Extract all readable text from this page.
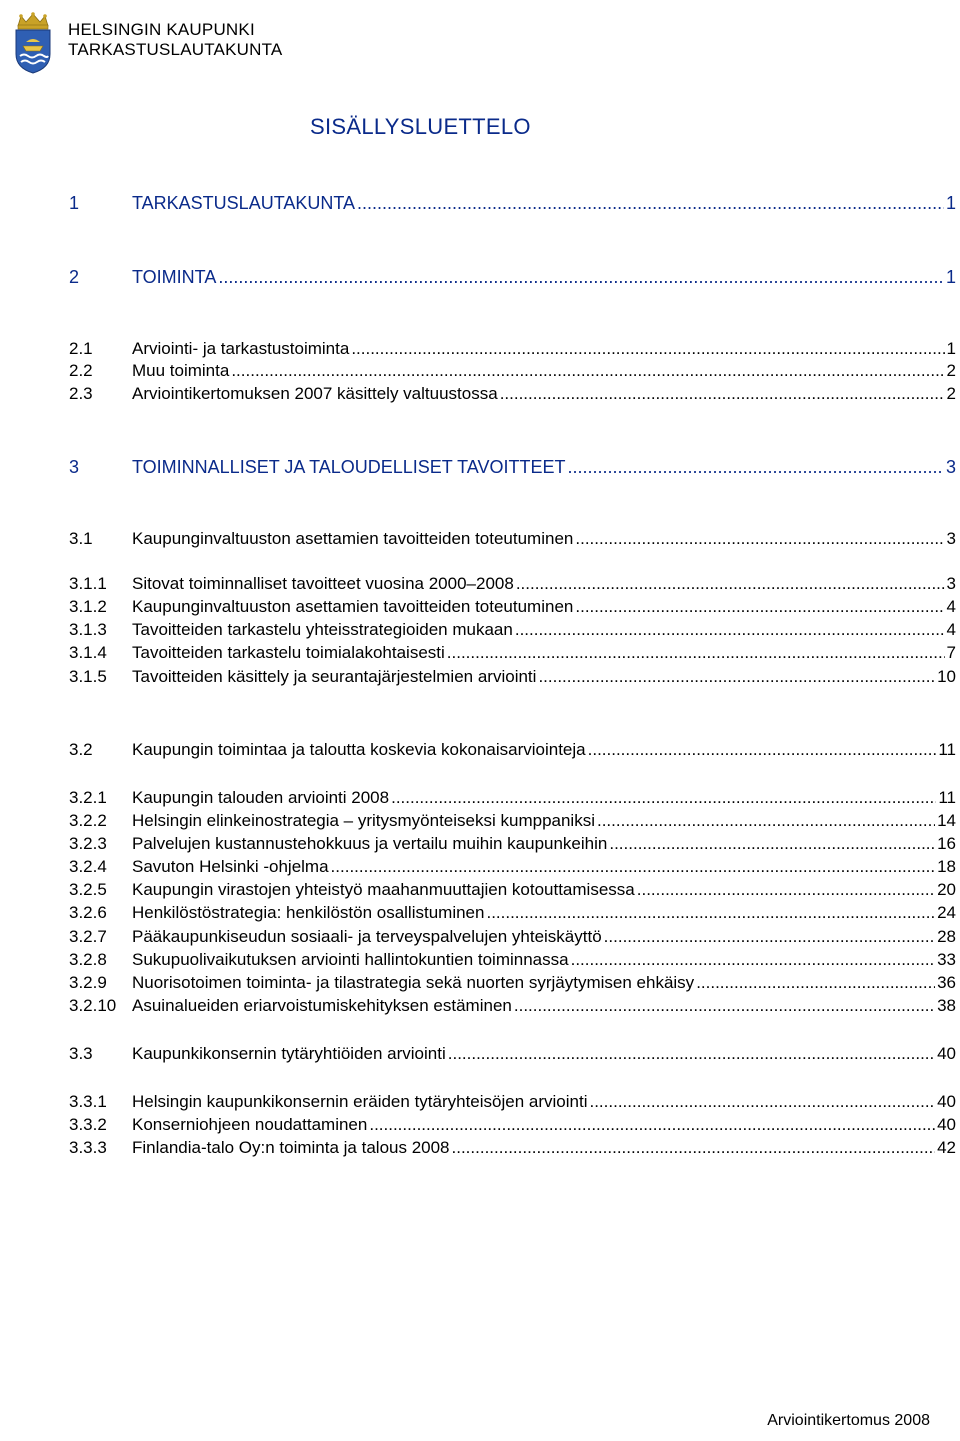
HELSINGIN KAUPUNKI
TARKASTUSLAUTAKUNTA
SISÄLLYSLUETTELO
1	TARKASTUSLAUTAKUNTA .....	1
2	TOIMINTA .....	1
2.1	Arviointi- ja tarkastustoiminta .....	1
2.2	Muu toiminta .....	2
2.3	Arviointikertomuksen 2007 käsittely valtuustossa .....	2
3	TOIMINNALLISET JA TALOUDELLISET TAVOITTEET .....	3
3.1	Kaupunginvaltuuston asettamien tavoitteiden toteutuminen .....	3
3.1.1	Sitovat toiminnalliset tavoitteet vuosina 2000–2008 .....	3
3.1.2	Kaupunginvaltuuston asettamien tavoitteiden toteutuminen .....	4
3.1.3	Tavoitteiden tarkastelu yhteisstrategioiden mukaan .....	4
3.1.4	Tavoitteiden tarkastelu toimialakohtaisesti .....	7
3.1.5	Tavoitteiden käsittely ja seurantajärjestelmien arviointi .....	10
3.2	Kaupungin toimintaa ja taloutta koskevia kokonaisarviointeja .....	11
3.2.1	Kaupungin talouden arviointi 2008 .....	11
3.2.2	Helsingin elinkeinostrategia – yritysmyönteiseksi kumppaniksi .....	14
3.2.3	Palvelujen kustannustehokkuus ja vertailu muihin kaupunkeihin .....	16
3.2.4	Savuton Helsinki -ohjelma .....	18
3.2.5	Kaupungin virastojen yhteistyö maahanmuuttajien kotouttamisessa .....	20
3.2.6	Henkilöstöstrategia: henkilöstön osallistuminen .....	24
3.2.7	Pääkaupunkiseudun sosiaali- ja terveyspalvelujen yhteiskäyttö .....	28
3.2.8	Sukupuolivaikutuksen arviointi hallintokuntien toiminnassa .....	33
3.2.9	Nuorisotoimen toiminta- ja tilastrategia sekä nuorten syrjäytymisen ehkäisy .....	36
3.2.10 Asuinalueiden eriarvoistumiskehityksen estäminen .....	38
3.3	Kaupunkikonsernin tytäryhtiöiden arviointi .....	40
3.3.1	Helsingin kaupunkikonsernin eräiden tytäryhteisöjen arviointi .....	40
3.3.2	Konserniohjeen noudattaminen .....	40
3.3.3	Finlandia-talo Oy:n toiminta ja talous 2008 .....	42
Arviointikertomus 2008
